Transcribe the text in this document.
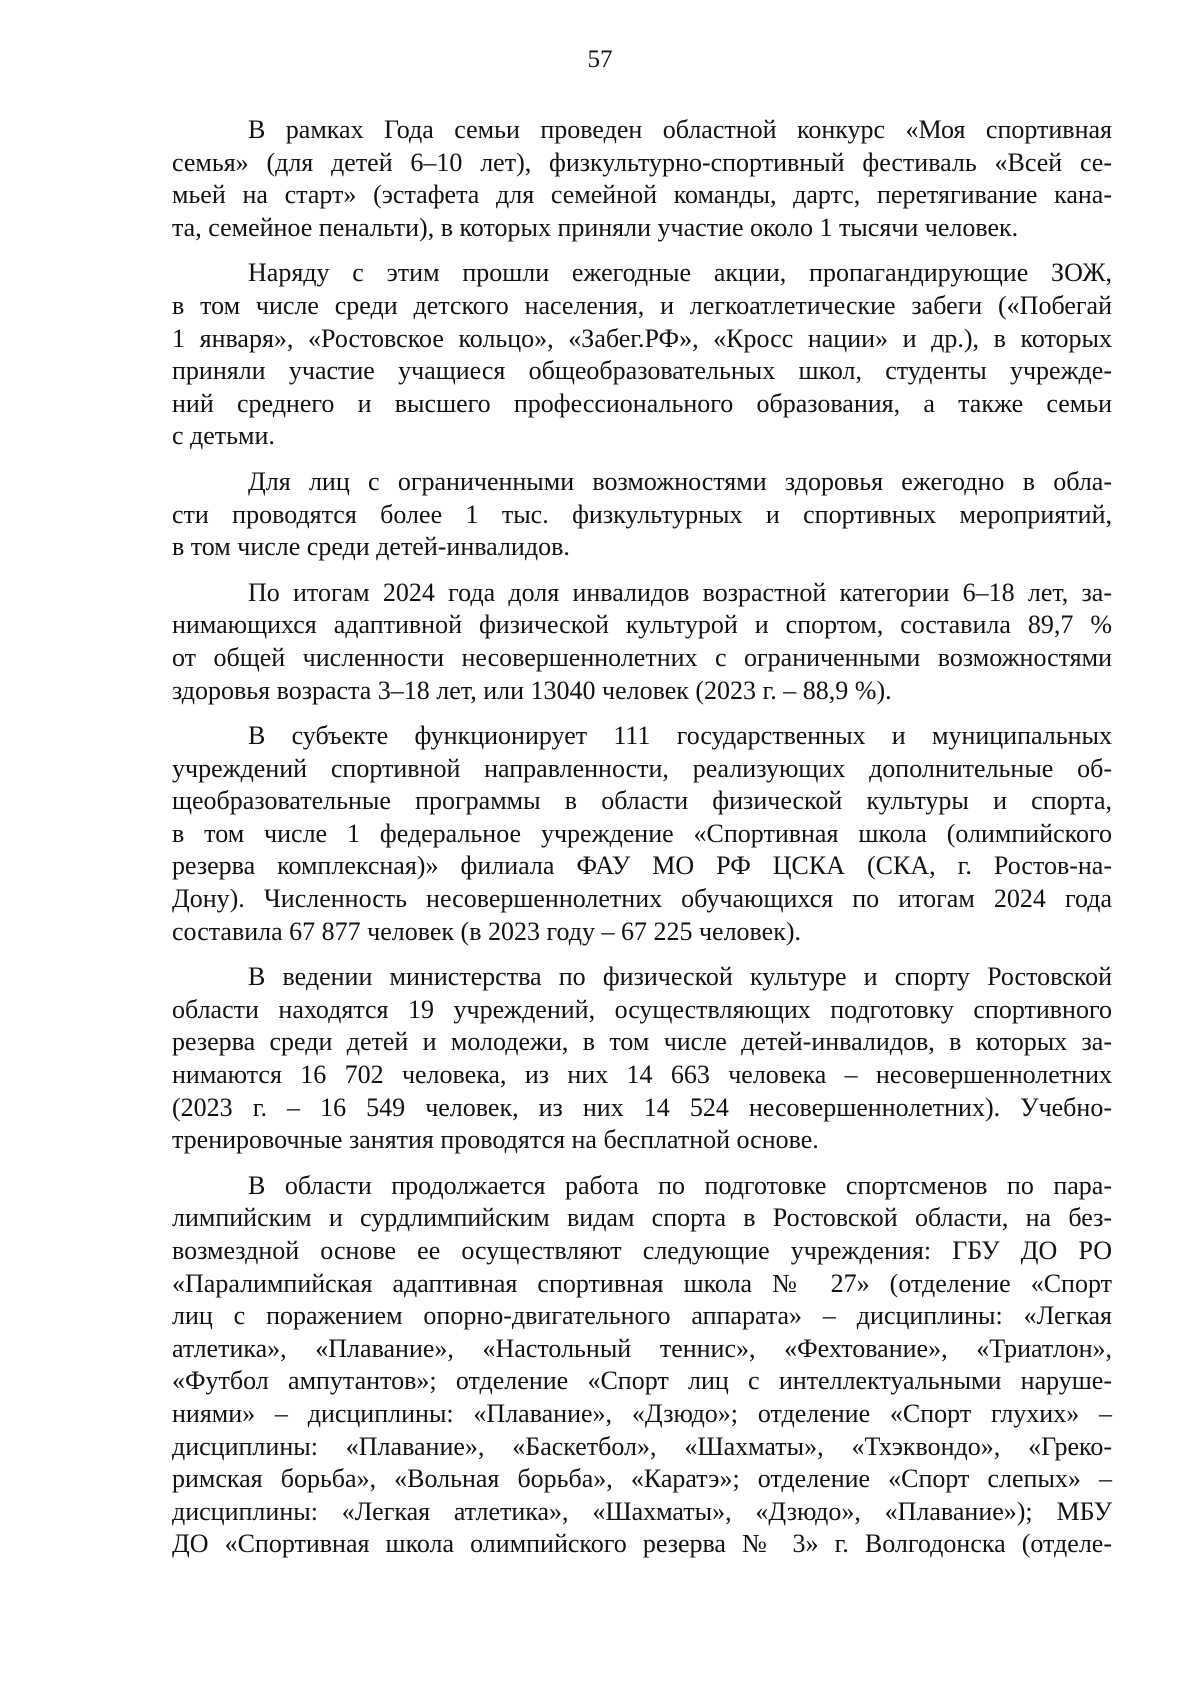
57
В рамках Года семьи проведен областной конкурс «Моя спортивная
семья» (для детей 6–10 лет), физкультурно-спортивный фестиваль «Всей се-
мьей на старт» (эстафета для семейной команды, дартс, перетягивание кана-
та, семейное пенальти), в которых приняли участие около 1 тысячи человек.
Наряду с этим прошли ежегодные акции, пропагандирующие ЗОЖ,
в том числе среди детского населения, и легкоатлетические забеги («Побегай
1 января», «Ростовское кольцо», «Забег.РФ», «Кросс нации» и др.), в которых
приняли участие учащиеся общеобразовательных школ, студенты учрежде-
ний среднего и высшего профессионального образования, а также семьи
с детьми.
Для лиц с ограниченными возможностями здоровья ежегодно в обла-
сти проводятся более 1 тыс. физкультурных и спортивных мероприятий,
в том числе среди детей-инвалидов.
По итогам 2024 года доля инвалидов возрастной категории 6–18 лет, за-
нимающихся адаптивной физической культурой и спортом, составила 89,7 %
от общей численности несовершеннолетних с ограниченными возможностями
здоровья возраста 3–18 лет, или 13040 человек (2023 г. – 88,9 %).
В субъекте функционирует 111 государственных и муниципальных
учреждений спортивной направленности, реализующих дополнительные об-
щеобразовательные программы в области физической культуры и спорта,
в том числе 1 федеральное учреждение «Спортивная школа (олимпийского
резерва комплексная)» филиала ФАУ МО РФ ЦСКА (СКА, г. Ростов-на-
Дону). Численность несовершеннолетних обучающихся по итогам 2024 года
составила 67 877 человек (в 2023 году – 67 225 человек).
В ведении министерства по физической культуре и спорту Ростовской
области находятся 19 учреждений, осуществляющих подготовку спортивного
резерва среди детей и молодежи, в том числе детей-инвалидов, в которых за-
нимаются 16 702 человека, из них 14 663 человека – несовершеннолетних
(2023 г. – 16 549 человек, из них 14 524 несовершеннолетних). Учебно-
тренировочные занятия проводятся на бесплатной основе.
В области продолжается работа по подготовке спортсменов по пара-
лимпийским и сурдлимпийским видам спорта в Ростовской области, на без-
возмездной основе ее осуществляют следующие учреждения: ГБУ ДО РО
«Паралимпийская адаптивная спортивная школа № 27» (отделение «Спорт
лиц с поражением опорно-двигательного аппарата» – дисциплины: «Легкая
атлетика», «Плавание», «Настольный теннис», «Фехтование», «Триатлон»,
«Футбол ампутантов»; отделение «Спорт лиц с интеллектуальными наруше-
ниями» – дисциплины: «Плавание», «Дзюдо»; отделение «Спорт глухих» –
дисциплины: «Плавание», «Баскетбол», «Шахматы», «Тхэквондо», «Греко-
римская борьба», «Вольная борьба», «Каратэ»; отделение «Спорт слепых» –
дисциплины: «Легкая атлетика», «Шахматы», «Дзюдо», «Плавание»); МБУ
ДО «Спортивная школа олимпийского резерва № 3» г. Волгодонска (отделе-
